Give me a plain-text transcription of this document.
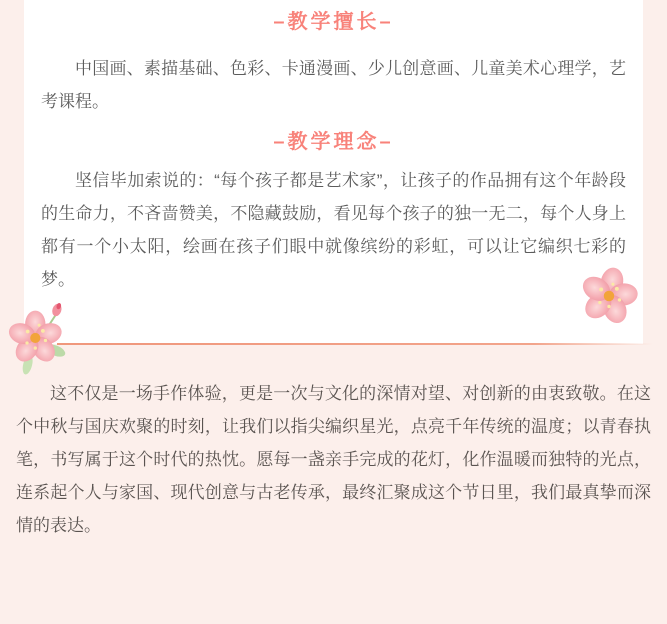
–教学擅长–

中国画、素描基础、色彩、卡通漫画、少儿创意画、儿童美术心理学，艺考课程。

–教学理念–

坚信毕加索说的：“每个孩子都是艺术家”，让孩子的作品拥有这个年龄段的生命力，不吝啬赞美，不隐藏鼓励，看见每个孩子的独一无二，每个人身上都有一个小太阳，绘画在孩子们眼中就像缤纷的彩虹，可以让它编织七彩的梦。

这不仅是一场手作体验，更是一次与文化的深情对望、对创新的由衷致敬。在这个中秋与国庆欢聚的时刻，让我们以指尖编织星光，点亮千年传统的温度；以青春执笔，书写属于这个时代的热忱。愿每一盏亲手完成的花灯，化作温暖而独特的光点，连系起个人与家国、现代创意与古老传承，最终汇聚成这个节日里，我们最真挚而深情的表达。
